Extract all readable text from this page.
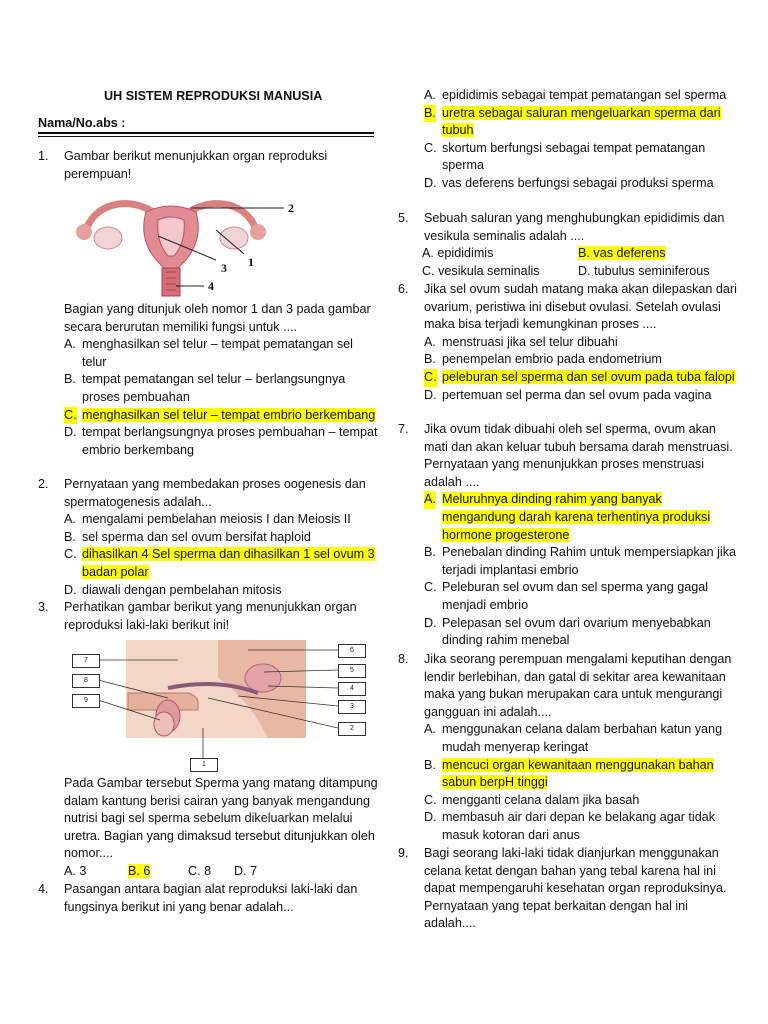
UH SISTEM REPRODUKSI MANUSIA
Nama/No.abs :
1. Gambar berikut menunjukkan organ reproduksi perempuan!
2
3 1
4
Bagian yang ditunjuk oleh nomor 1 dan 3 pada gambar secara berurutan memiliki fungsi untuk ....
A. menghasilkan sel telur – tempat pematangan sel telur
B. tempat pematangan sel telur – berlangsungnya proses pembuahan
C. menghasilkan sel telur – tempat embrio berkembang
D. tempat berlangsungnya proses pembuahan – tempat embrio berkembang
2. Pernyataan yang membedakan proses oogenesis dan spermatogenesis adalah...
A. mengalami pembelahan meiosis I dan Meiosis II
B. sel sperma dan sel ovum bersifat haploid
C. dihasilkan 4 Sel sperma dan dihasilkan 1 sel ovum 3 badan polar
D. diawali dengan pembelahan mitosis
3. Perhatikan gambar berikut yang menunjukkan organ reproduksi laki-laki berikut ini!
7
8
9
6
5
4
3
2
1
Pada Gambar tersebut Sperma yang matang ditampung dalam kantung berisi cairan yang banyak mengandung nutrisi bagi sel sperma sebelum dikeluarkan melalui uretra. Bagian yang dimaksud tersebut ditunjukkan oleh nomor....
A. 3	B. 6	C. 8	D. 7
4. Pasangan antara bagian alat reproduksi laki-laki dan fungsinya berikut ini yang benar adalah...
A. epididimis sebagai tempat pematangan sel sperma
B. uretra sebagai saluran mengeluarkan sperma dari tubuh
C. skortum berfungsi sebagai tempat pematangan sperma
D. vas deferens berfungsi sebagai produksi sperma
5. Sebuah saluran yang menghubungkan epididimis dan vesikula seminalis adalah ....
A. epididimis	B. vas deferens
C. vesikula seminalis	D. tubulus seminiferous
6. Jika sel ovum sudah matang maka akan dilepaskan dari ovarium, peristiwa ini disebut ovulasi. Setelah ovulasi maka bisa terjadi kemungkinan proses ....
A. menstruasi jika sel telur dibuahi
B. penempelan embrio pada endometrium
C. peleburan sel sperma dan sel ovum pada tuba falopi
D. pertemuan sel perma dan sel ovum pada vagina
7. Jika ovum tidak dibuahi oleh sel sperma, ovum akan mati dan akan keluar tubuh bersama darah menstruasi. Pernyataan yang menunjukkan proses menstruasi adalah ....
A. Meluruhnya dinding rahim yang banyak mengandung darah karena terhentinya produksi hormone progesterone
B. Penebalan dinding Rahim untuk mempersiapkan jika terjadi implantasi embrio
C. Peleburan sel ovum dan sel sperma yang gagal menjadi embrio
D. Pelepasan sel ovum dari ovarium menyebabkan dinding rahim menebal
8. Jika seorang perempuan mengalami keputihan dengan lendir berlebihan, dan gatal di sekitar area kewanitaan maka yang bukan merupakan cara untuk mengurangi gangguan ini adalah....
A. menggunakan celana dalam berbahan katun yang mudah menyerap keringat
B. mencuci organ kewanitaan menggunakan bahan sabun berpH tinggi
C. mengganti celana dalam jika basah
D. membasuh air dari depan ke belakang agar tidak masuk kotoran dari anus
9. Bagi seorang laki-laki tidak dianjurkan menggunakan celana ketat dengan bahan yang tebal karena hal ini dapat mempengaruhi kesehatan organ reproduksinya. Pernyataan yang tepat berkaitan dengan hal ini adalah....
